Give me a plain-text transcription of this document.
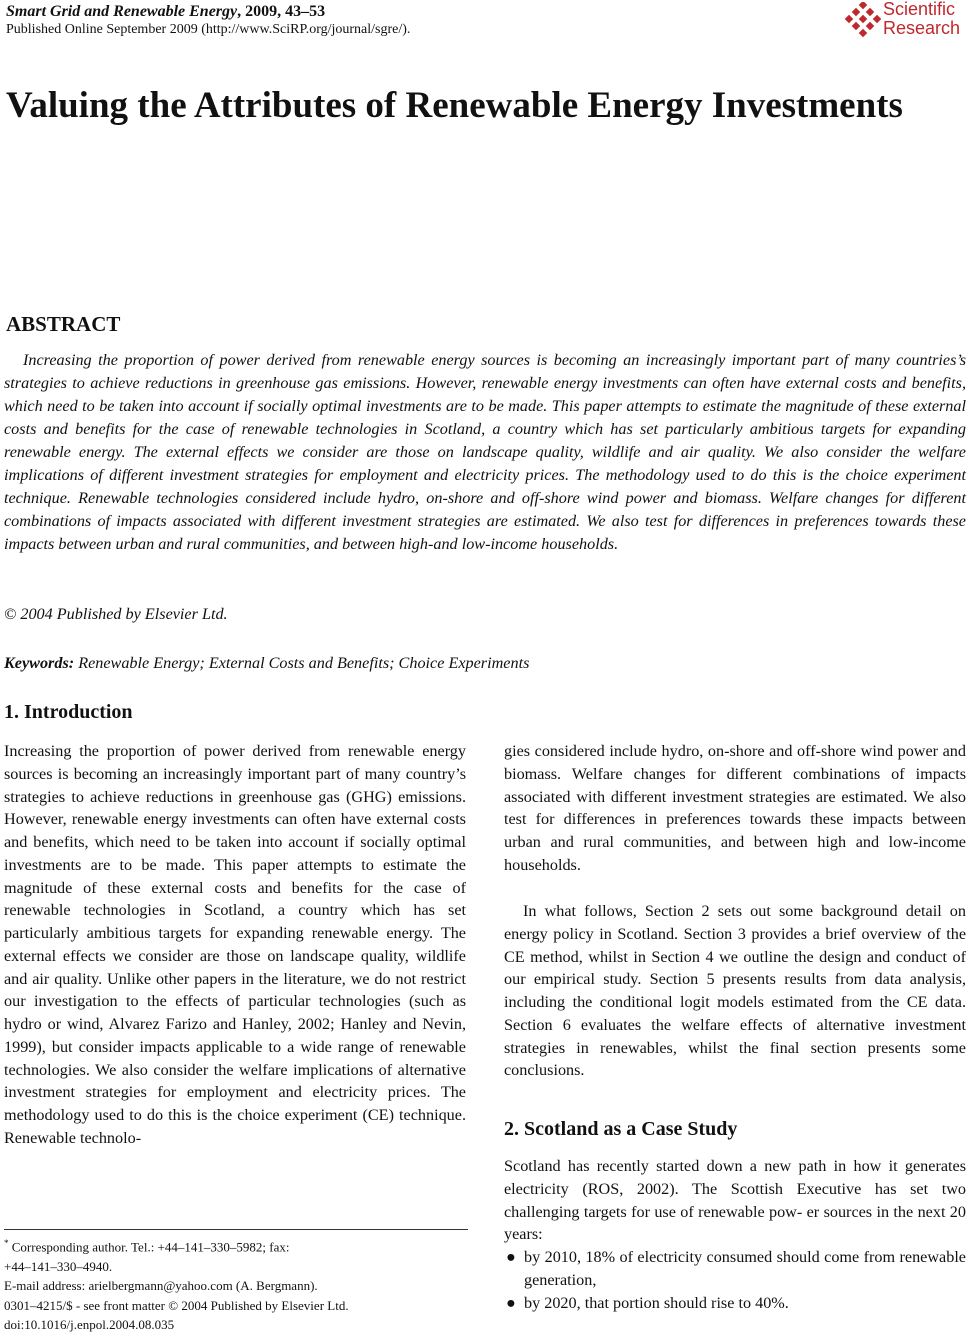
Smart Grid and Renewable Energy, 2009, 43–53
Published Online September 2009 (http://www.SciRP.org/journal/sgre/).
Scientific
Research
Valuing the Attributes of Renewable Energy Investments
ABSTRACT

Increasing the proportion of power derived from renewable energy sources is becoming an increasingly important part of many countries’s strategies to achieve reductions in greenhouse gas emissions. However, renewable energy investments can often have external costs and benefits, which need to be taken into account if socially optimal investments are to be made. This paper attempts to estimate the magnitude of these external costs and benefits for the case of renewable technologies in Scotland, a country which has set particularly ambitious targets for expanding renewable energy. The external effects we consider are those on landscape quality, wildlife and air quality. We also consider the welfare implications of different investment strategies for employment and electricity prices. The methodology used to do this is the choice experiment technique. Renewable technologies considered include hydro, on-shore and off-shore wind power and biomass. Welfare changes for different combinations of impacts associated with different investment strategies are estimated. We also test for differences in preferences towards these impacts between urban and rural communities, and between high-and low-income households.

© 2004 Published by Elsevier Ltd.
Keywords: Renewable Energy; External Costs and Benefits; Choice Experiments
1. Introduction

Increasing the proportion of power derived from renewable energy sources is becoming an increasingly important part of many country’s strategies to achieve reductions in greenhouse gas (GHG) emissions. However, renewable energy investments can often have external costs and benefits, which need to be taken into account if socially optimal investments are to be made. This paper attempts to estimate the magnitude of these external costs and benefits for the case of renewable technologies in Scotland, a country which has set particularly ambitious targets for expanding renewable energy. The external effects we consider are those on landscape quality, wildlife and air quality. Unlike other papers in the literature, we do not restrict our investigation to the effects of particular technologies (such as hydro or wind, Alvarez Farizo and Hanley, 2002; Hanley and Nevin, 1999), but consider impacts applicable to a wide range of renewable technologies. We also consider the welfare implications of alternative investment strategies for employment and electricity prices. The methodology used to do this is the choice experiment (CE) technique. Renewable technolo-

gies considered include hydro, on-shore and off-shore wind power and biomass. Welfare changes for different combinations of impacts associated with different investment strategies are estimated. We also test for differences in preferences towards these impacts between urban and rural communities, and between high and low-income households.

In what follows, Section 2 sets out some background detail on energy policy in Scotland. Section 3 provides a brief overview of the CE method, whilst in Section 4 we outline the design and conduct of our empirical study. Section 5 presents results from data analysis, including the conditional logit models estimated from the CE data. Section 6 evaluates the welfare effects of alternative investment strategies in renewables, whilst the final section presents some conclusions.

2. Scotland as a Case Study

Scotland has recently started down a new path in how it generates electricity (ROS, 2002). The Scottish Executive has set two challenging targets for use of renewable pow- er sources in the next 20 years:

● by 2010, 18% of electricity consumed should come from renewable generation,
● by 2020, that portion should rise to 40%.
* Corresponding author. Tel.: +44–141–330–5982; fax:
+44–141–330–4940.
E-mail address: arielbergmann@yahoo.com (A. Bergmann).
0301–4215/$ - see front matter © 2004 Published by Elsevier Ltd.
doi:10.1016/j.enpol.2004.08.035
